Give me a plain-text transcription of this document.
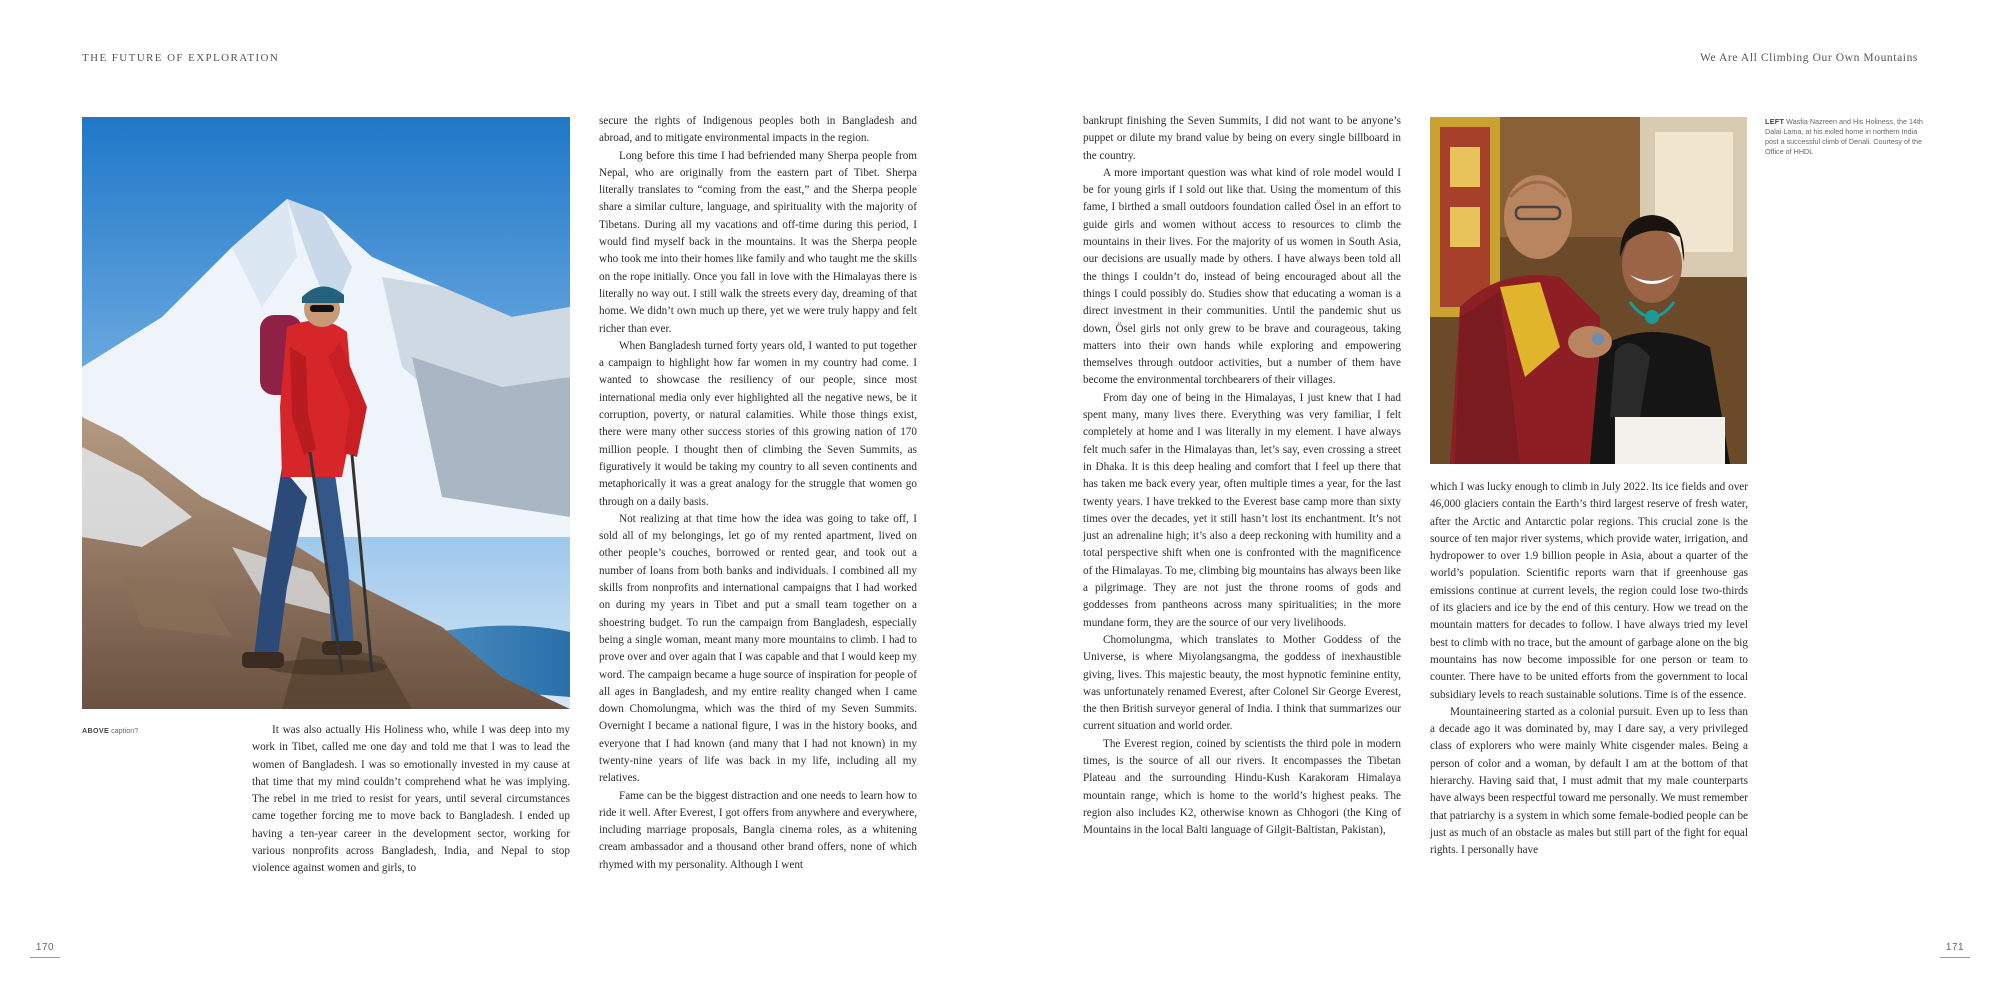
THE FUTURE OF EXPLORATION	We Are All Climbing Our Own Mountains
ABOVE caption?
LEFT Wasfia Nazreen and His Holiness, the 14th Dalai Lama, at his exiled home in northern India post a successful climb of Denali. Courtesy of the Office of HHDL

It was also actually His Holiness who, while I was deep into my work in Tibet, called me one day and told me that I was to lead the women of Bangladesh. I was so emotionally invested in my cause at that time that my mind couldn’t comprehend what he was implying. The rebel in me tried to resist for years, until several circumstances came together forcing me to move back to Bangladesh. I ended up having a ten-year career in the development sector, working for various nonprofits across Bangladesh, India, and Nepal to stop violence against women and girls, to

secure the rights of Indigenous peoples both in Bangladesh and abroad, and to mitigate environmental impacts in the region.

Long before this time I had befriended many Sherpa people from Nepal, who are originally from the eastern part of Tibet. Sherpa literally translates to “coming from the east,” and the Sherpa people share a similar culture, language, and spirituality with the majority of Tibetans. During all my vacations and off-time during this period, I would find myself back in the mountains. It was the Sherpa people who took me into their homes like family and who taught me the skills on the rope initially. Once you fall in love with the Himalayas there is literally no way out. I still walk the streets every day, dreaming of that home. We didn’t own much up there, yet we were truly happy and felt richer than ever.

When Bangladesh turned forty years old, I wanted to put together a campaign to highlight how far women in my country had come. I wanted to showcase the resiliency of our people, since most international media only ever highlighted all the negative news, be it corruption, poverty, or natural calamities. While those things exist, there were many other success stories of this growing nation of 170 million people. I thought then of climbing the Seven Summits, as figuratively it would be taking my country to all seven continents and metaphorically it was a great analogy for the struggle that women go through on a daily basis.

Not realizing at that time how the idea was going to take off, I sold all of my belongings, let go of my rented apartment, lived on other people’s couches, borrowed or rented gear, and took out a number of loans from both banks and individuals. I combined all my skills from nonprofits and international campaigns that I had worked on during my years in Tibet and put a small team together on a shoestring budget. To run the campaign from Bangladesh, especially being a single woman, meant many more mountains to climb. I had to prove over and over again that I was capable and that I would keep my word. The campaign became a huge source of inspiration for people of all ages in Bangladesh, and my entire reality changed when I came down Chomolungma, which was the third of my Seven Summits. Overnight I became a national figure, I was in the history books, and everyone that I had known (and many that I had not known) in my twenty-nine years of life was back in my life, including all my relatives.

Fame can be the biggest distraction and one needs to learn how to ride it well. After Everest, I got offers from anywhere and everywhere, including marriage proposals, Bangla cinema roles, as a whitening cream ambassador and a thousand other brand offers, none of which rhymed with my personality. Although I went

bankrupt finishing the Seven Summits, I did not want to be anyone’s puppet or dilute my brand value by being on every single billboard in the country.

A more important question was what kind of role model would I be for young girls if I sold out like that. Using the momentum of this fame, I birthed a small outdoors foundation called Ösel in an effort to guide girls and women without access to resources to climb the mountains in their lives. For the majority of us women in South Asia, our decisions are usually made by others. I have always been told all the things I couldn’t do, instead of being encouraged about all the things I could possibly do. Studies show that educating a woman is a direct investment in their communities. Until the pandemic shut us down, Ösel girls not only grew to be brave and courageous, taking matters into their own hands while exploring and empowering themselves through outdoor activities, but a number of them have become the environmental torchbearers of their villages.

From day one of being in the Himalayas, I just knew that I had spent many, many lives there. Everything was very familiar, I felt completely at home and I was literally in my element. I have always felt much safer in the Himalayas than, let’s say, even crossing a street in Dhaka. It is this deep healing and comfort that I feel up there that has taken me back every year, often multiple times a year, for the last twenty years. I have trekked to the Everest base camp more than sixty times over the decades, yet it still hasn’t lost its enchantment. It’s not just an adrenaline high; it’s also a deep reckoning with humility and a total perspective shift when one is confronted with the magnificence of the Himalayas. To me, climbing big mountains has always been like a pilgrimage. They are not just the throne rooms of gods and goddesses from pantheons across many spiritualities; in the more mundane form, they are the source of our very livelihoods.

Chomolungma, which translates to Mother Goddess of the Universe, is where Miyolangsangma, the goddess of inexhaustible giving, lives. This majestic beauty, the most hypnotic feminine entity, was unfortunately renamed Everest, after Colonel Sir George Everest, the then British surveyor general of India. I think that summarizes our current situation and world order.

The Everest region, coined by scientists the third pole in modern times, is the source of all our rivers. It encompasses the Tibetan Plateau and the surrounding Hindu-Kush Karakoram Himalaya mountain range, which is home to the world’s highest peaks. The region also includes K2, otherwise known as Chhogori (the King of Mountains in the local Balti language of Gilgit-Baltistan, Pakistan),

which I was lucky enough to climb in July 2022. Its ice fields and over 46,000 glaciers contain the Earth’s third largest reserve of fresh water, after the Arctic and Antarctic polar regions. This crucial zone is the source of ten major river systems, which provide water, irrigation, and hydropower to over 1.9 billion people in Asia, about a quarter of the world’s population. Scientific reports warn that if greenhouse gas emissions continue at current levels, the region could lose two-thirds of its glaciers and ice by the end of this century. How we tread on the mountain matters for decades to follow. I have always tried my level best to climb with no trace, but the amount of garbage alone on the big mountains has now become impossible for one person or team to counter. There have to be united efforts from the government to local subsidiary levels to reach sustainable solutions. Time is of the essence.

Mountaineering started as a colonial pursuit. Even up to less than a decade ago it was dominated by, may I dare say, a very privileged class of explorers who were mainly White cisgender males. Being a person of color and a woman, by default I am at the bottom of that hierarchy. Having said that, I must admit that my male counterparts have always been respectful toward me personally. We must remember that patriarchy is a system in which some female-bodied people can be just as much of an obstacle as males but still part of the fight for equal rights. I personally have

170	171
